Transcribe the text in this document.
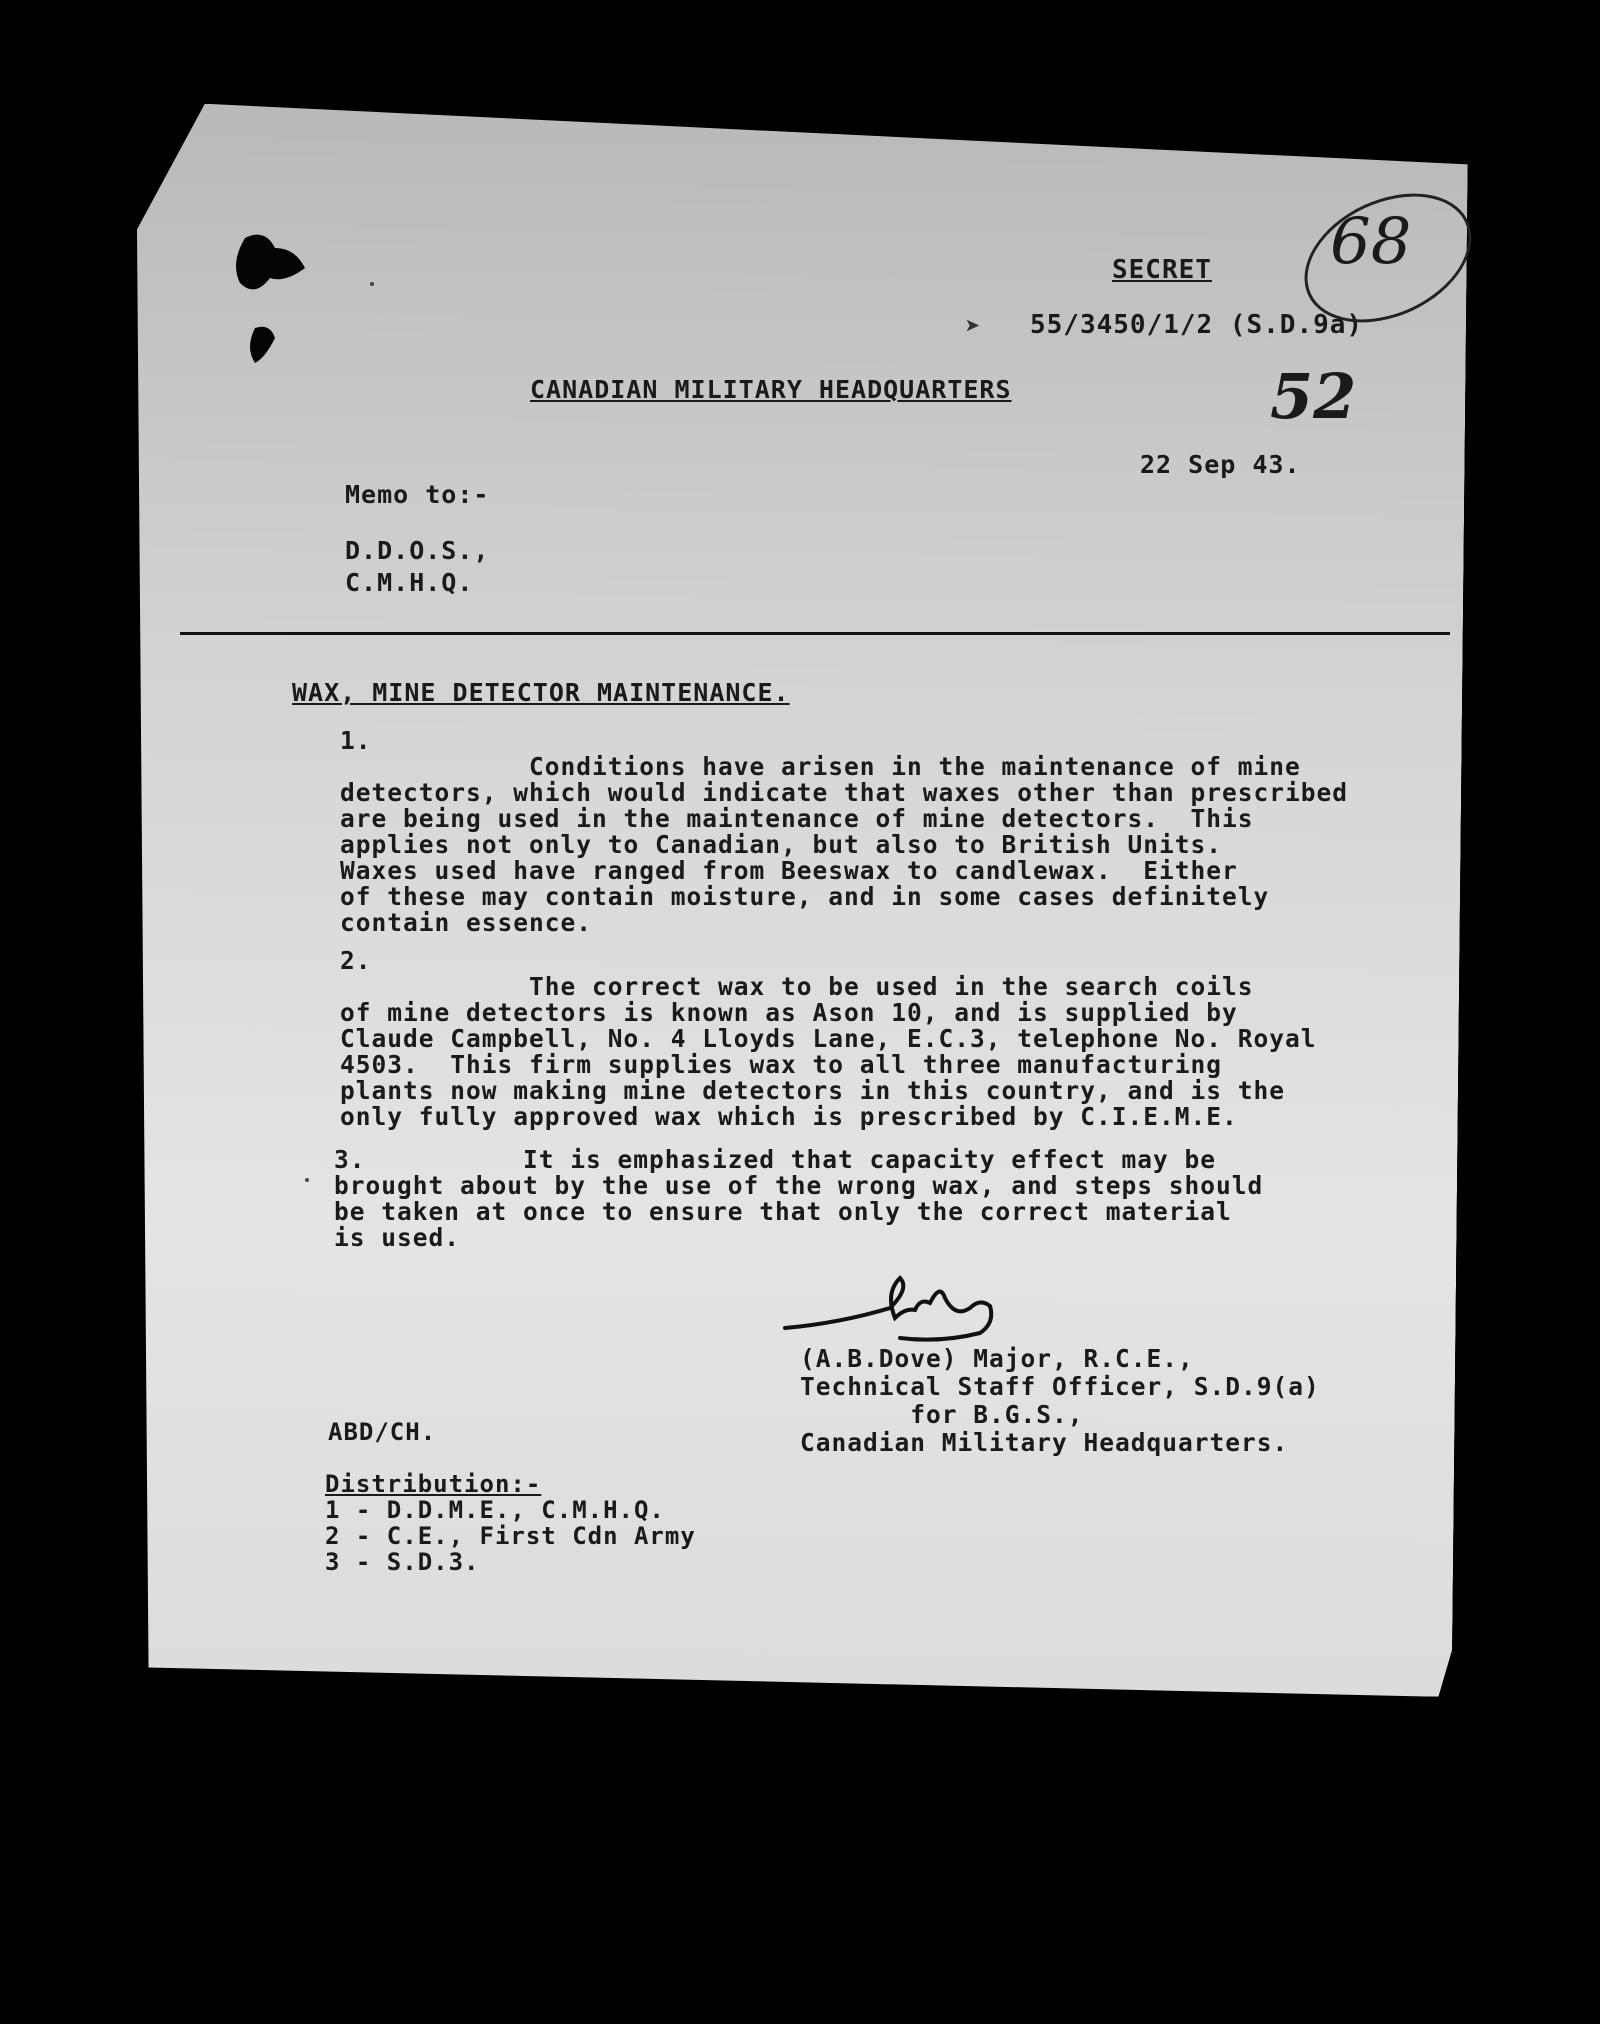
SECRET
➤ 55/3450/1/2 (S.D.9a)
68
52
CANADIAN MILITARY HEADQUARTERS
22 Sep 43.
Memo to:-
D.D.O.S.,
C.M.H.Q.
WAX, MINE DETECTOR MAINTENANCE.
1.
Conditions have arisen in the maintenance of mine
detectors, which would indicate that waxes other than prescribed
are being used in the maintenance of mine detectors.  This
applies not only to Canadian, but also to British Units.
Waxes used have ranged from Beeswax to candlewax.  Either
of these may contain moisture, and in some cases definitely
contain essence.
2.
The correct wax to be used in the search coils
of mine detectors is known as Ason 10, and is supplied by
Claude Campbell, No. 4 Lloyds Lane, E.C.3, telephone No. Royal
4503.  This firm supplies wax to all three manufacturing
plants now making mine detectors in this country, and is the
only fully approved wax which is prescribed by C.I.E.M.E.
3.          It is emphasized that capacity effect may be
brought about by the use of the wrong wax, and steps should
be taken at once to ensure that only the correct material
is used.
(A.B.Dove) Major, R.C.E.,
Technical Staff Officer, S.D.9(a)
for B.G.S.,
Canadian Military Headquarters.
ABD/CH.
Distribution:-
1 - D.D.M.E., C.M.H.Q.
2 - C.E., First Cdn Army
3 - S.D.3.
